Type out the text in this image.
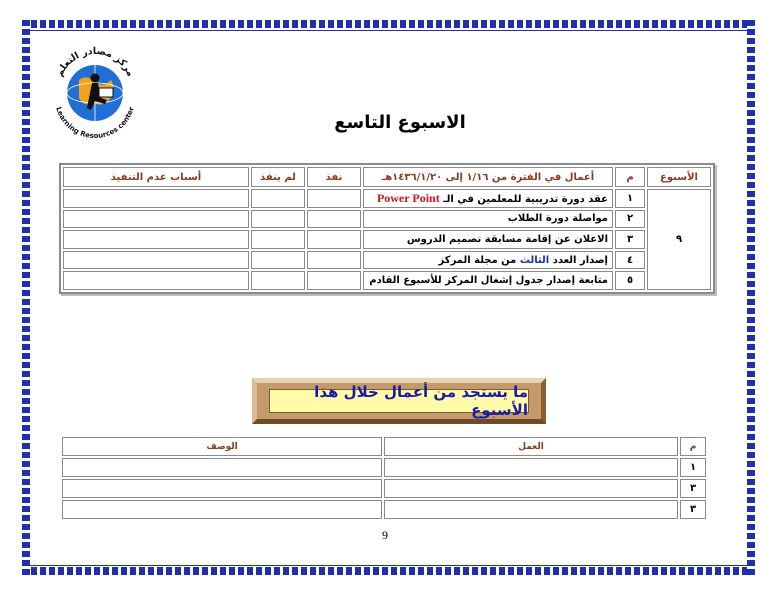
مركز مصادر التعلم
Learning Resources center
الاسبوع التاسع
الأسبوع	م	أعمال في الفترة من ١/١٦ إلى ١٤٣٦/١/٢٠هـ	نفذ	لم ينفذ	أسباب عدم التنفيذ
٩	١	عقد دورة تدريبية للمعلمين في الـ Power Point			
	٢	مواصلة دورة الطلاب			
	٣	الاعلان عن إقامة مسابقة تصميم الدروس			
	٤	إصدار العدد الثالث من مجلة المركز			
	٥	متابعة إصدار جدول إشغال المركز للأسبوع القادم			
ما يستجد من أعمال خلال هذا الأسبوع
م	العمل	الوصف
١		
٣		
٣		
9
